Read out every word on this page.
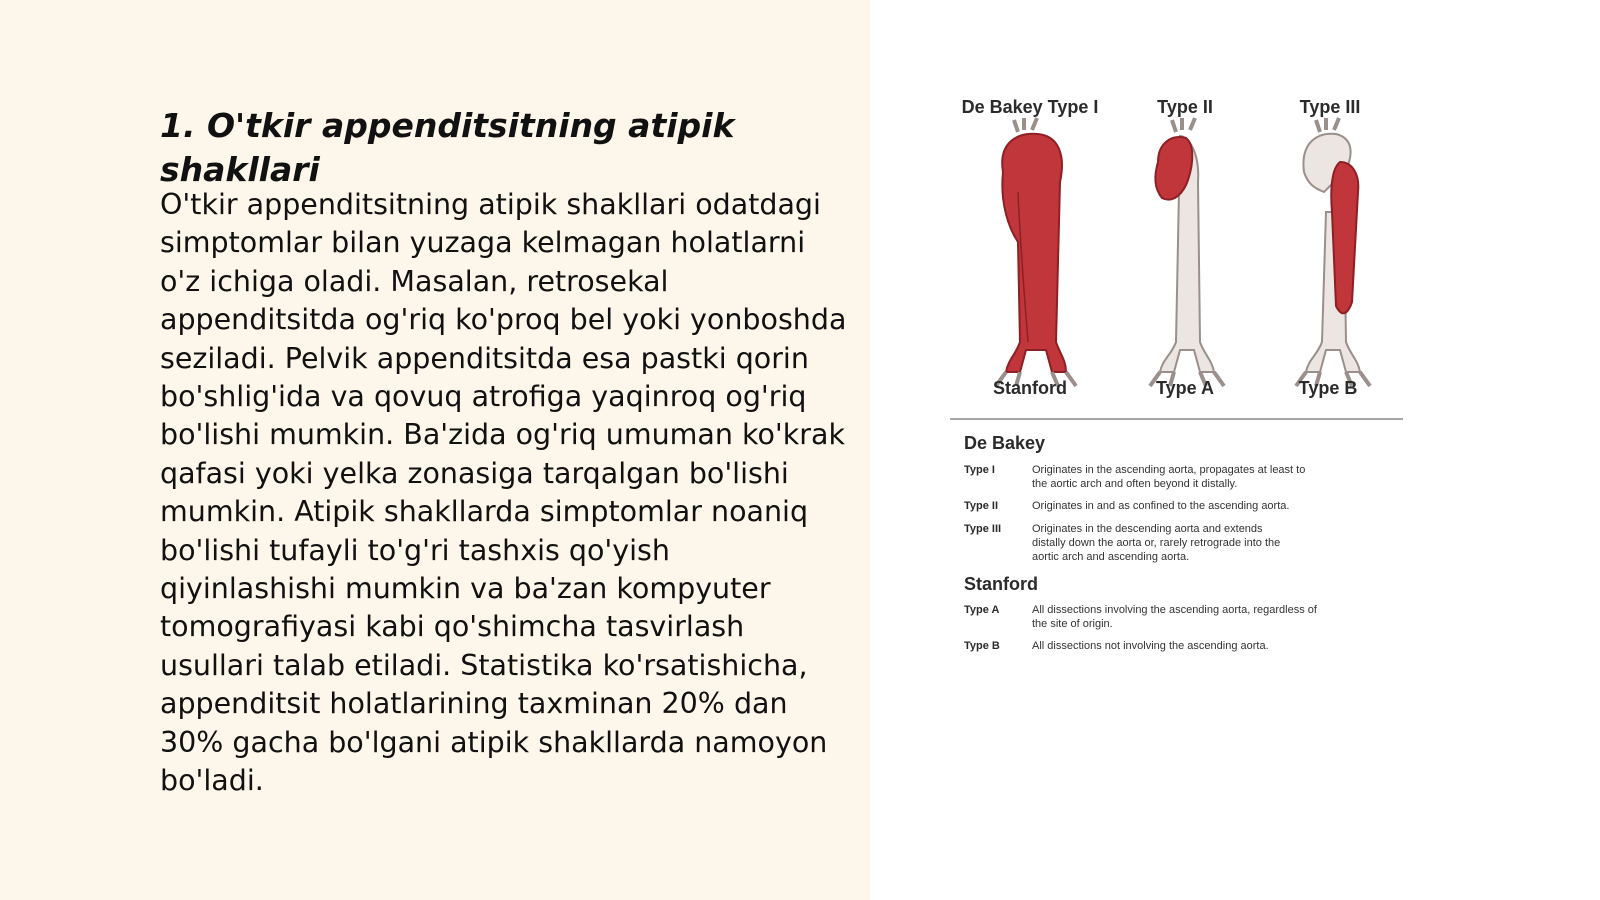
1. O'tkir appenditsitning atipik shakllari

O'tkir appenditsitning atipik shakllari odatdagi simptomlar bilan yuzaga kelmagan holatlarni o'z ichiga oladi. Masalan, retrosekal appenditsitda og'riq ko'proq bel yoki yonboshda seziladi. Pelvik appenditsitda esa pastki qorin bo'shlig'ida va qovuq atrofiga yaqinroq og'riq bo'lishi mumkin. Ba'zida og'riq umuman ko'krak qafasi yoki yelka zonasiga tarqalgan bo'lishi mumkin. Atipik shakllarda simptomlar noaniq bo'lishi tufayli to'g'ri tashxis qo'yish qiyinlashishi mumkin va ba'zan kompyuter tomografiyasi kabi qo'shimcha tasvirlash usullari talab etiladi. Statistika ko'rsatishicha, appenditsit holatlarining taxminan 20% dan 30% gacha bo'lgani atipik shakllarda namoyon bo'ladi.

De Bakey Type I	Type II	Type III
Stanford	Type A	Type B
De Bakey
Type I	Originates in the ascending aorta, propagates at least to
the aortic arch and often beyond it distally.
Type II	Originates in and as confined to the ascending aorta.
Type III	Originates in the descending aorta and extends
distally down the aorta or, rarely retrograde into the
aortic arch and ascending aorta.
Stanford
Type A	All dissections involving the ascending aorta, regardless of
the site of origin.
Type B	All dissections not involving the ascending aorta.
